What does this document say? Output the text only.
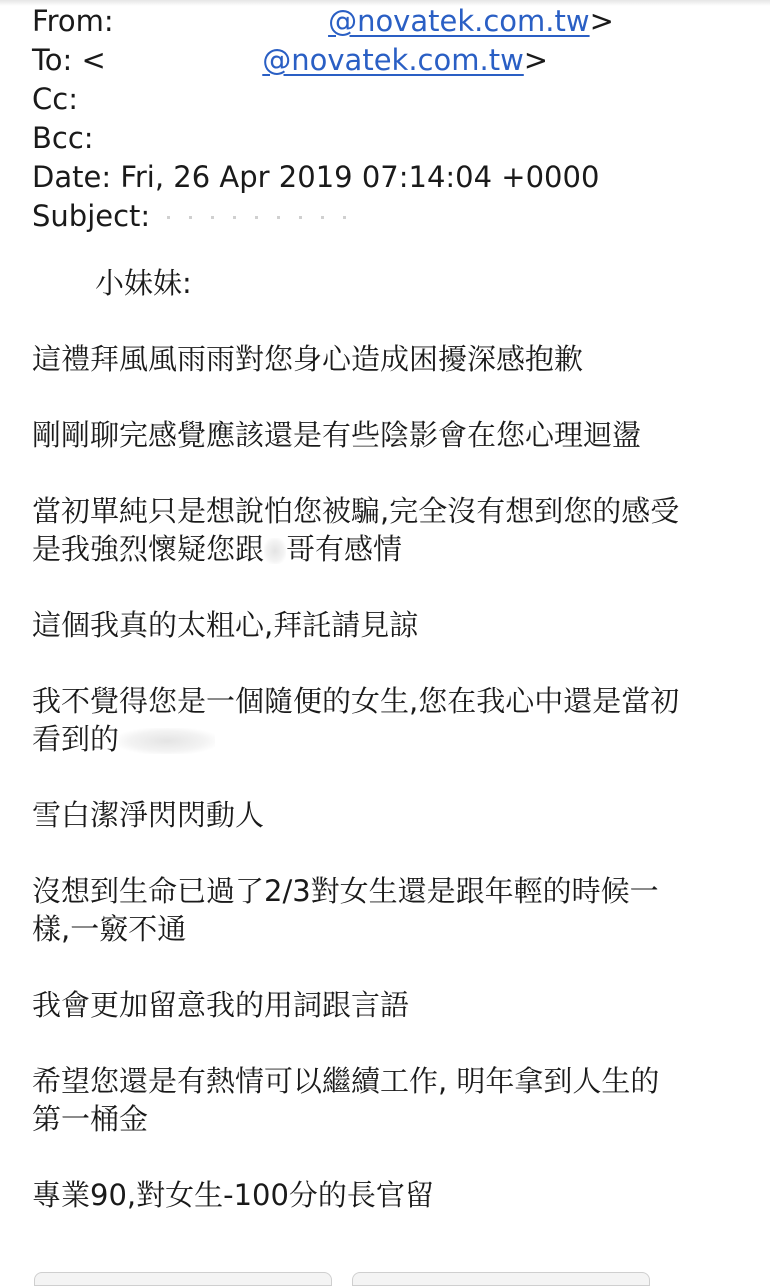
From:	@novatek.com.tw>
To: <	@novatek.com.tw>
Cc:
Bcc:
Date: Fri, 26 Apr 2019 07:14:04 +0000
Subject:
小妹妹:
這禮拜風風雨雨對您身心造成困擾深感抱歉
剛剛聊完感覺應該還是有些陰影會在您心理迴盪
當初單純只是想說怕您被騙,完全沒有想到您的感受
是我強烈懷疑您跟 哥有感情
這個我真的太粗心,拜託請見諒
我不覺得您是一個隨便的女生,您在我心中還是當初
看到的
雪白潔淨閃閃動人
沒想到生命已過了2/3對女生還是跟年輕的時候一
樣,一竅不通
我會更加留意我的用詞跟言語
希望您還是有熱情可以繼續工作, 明年拿到人生的
第一桶金
專業90,對女生-100分的長官留
